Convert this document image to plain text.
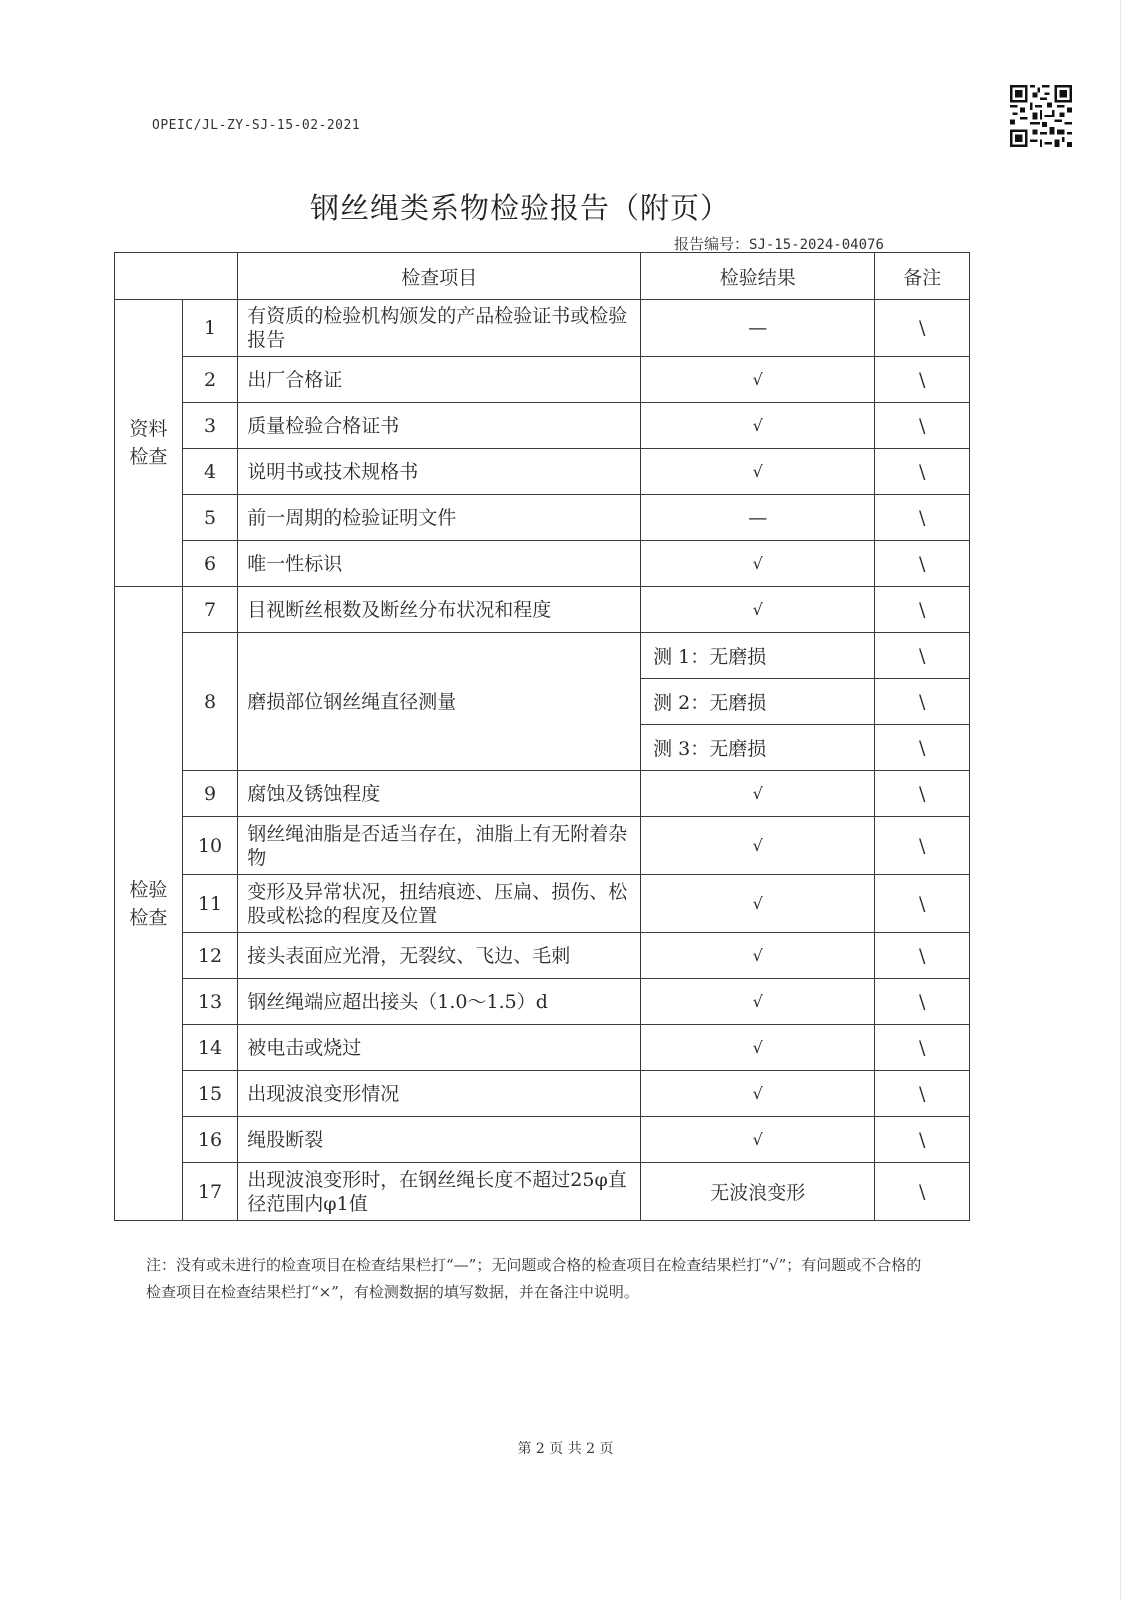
OPEIC/JL-ZY-SJ-15-02-2021
钢丝绳类系物检验报告（附页）
报告编号：SJ-15-2024-04076
		检查项目	检验结果	备注
资料检查	1	有资质的检验机构颁发的产品检验证书或检验报告	—	\
	2	出厂合格证	√	\
	3	质量检验合格证书	√	\
	4	说明书或技术规格书	√	\
	5	前一周期的检验证明文件	—	\
	6	唯一性标识	√	\
检验检查	7	目视断丝根数及断丝分布状况和程度	√	\
	8	磨损部位钢丝绳直径测量	测 1：无磨损	\
			测 2：无磨损	\
			测 3：无磨损	\
	9	腐蚀及锈蚀程度	√	\
	10	钢丝绳油脂是否适当存在，油脂上有无附着杂物	√	\
	11	变形及异常状况，扭结痕迹、压扁、损伤、松股或松捻的程度及位置	√	\
	12	接头表面应光滑，无裂纹、飞边、毛刺	√	\
	13	钢丝绳端应超出接头（1.0～1.5）d	√	\
	14	被电击或烧过	√	\
	15	出现波浪变形情况	√	\
	16	绳股断裂	√	\
	17	出现波浪变形时，在钢丝绳长度不超过25φ直径范围内φ1值	无波浪变形	\
注：没有或未进行的检查项目在检查结果栏打“—”；无问题或合格的检查项目在检查结果栏打“√”；有问题或不合格的检查项目在检查结果栏打“×”，有检测数据的填写数据，并在备注中说明。
第 2 页 共 2 页
